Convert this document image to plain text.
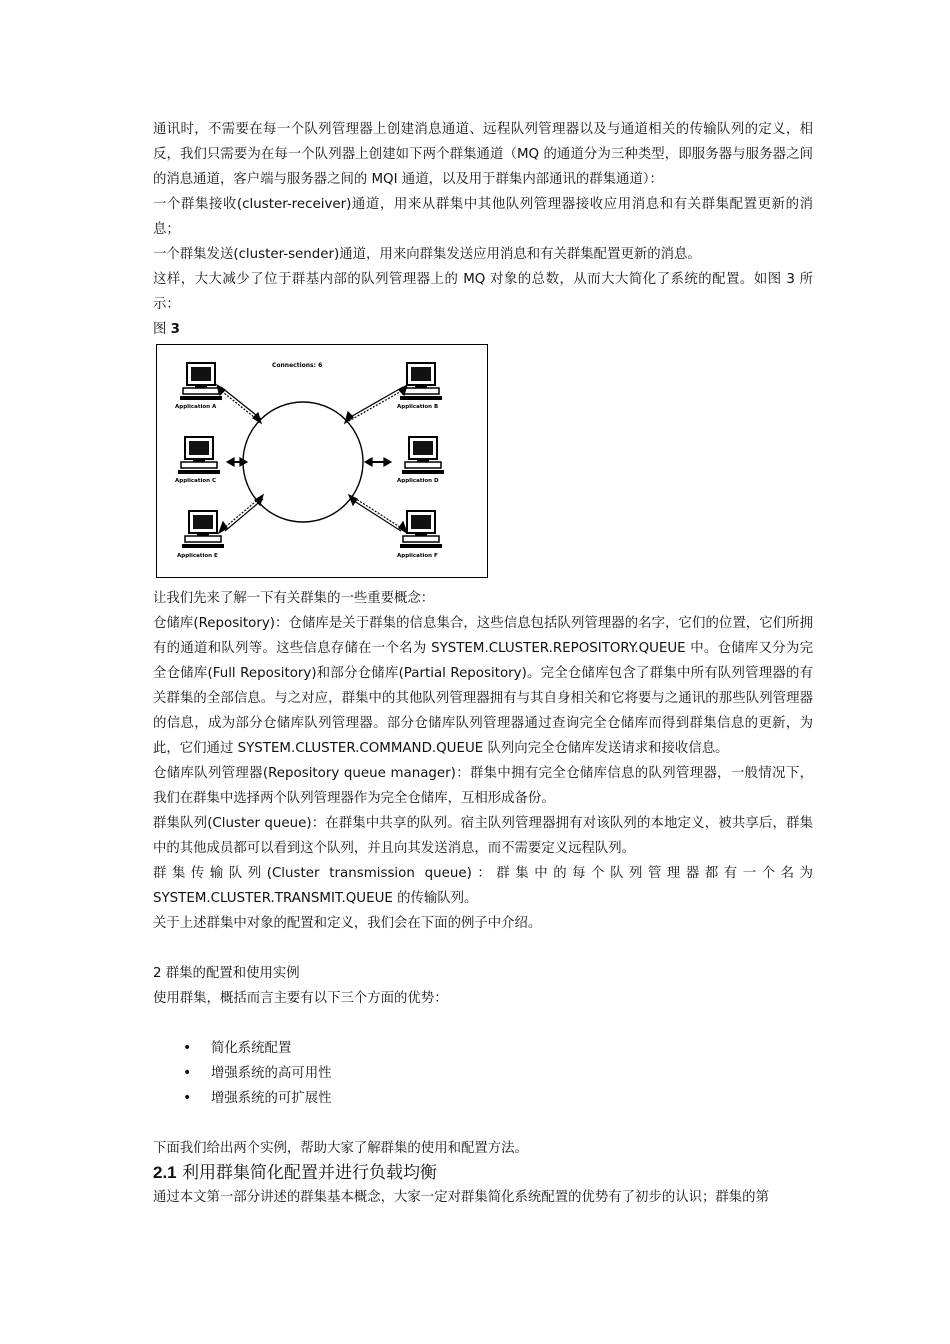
通讯时，不需要在每一个队列管理器上创建消息通道、远程队列管理器以及与通道相关的传输队列的定义，相反，我们只需要为在每一个队列器上创建如下两个群集通道（MQ 的通道分为三种类型，即服务器与服务器之间的消息通道，客户端与服务器之间的 MQI 通道，以及用于群集内部通讯的群集通道）：

一个群集接收(cluster-receiver)通道，用来从群集中其他队列管理器接收应用消息和有关群集配置更新的消息；

一个群集发送(cluster-sender)通道，用来向群集发送应用消息和有关群集配置更新的消息。

这样，大大减少了位于群基内部的队列管理器上的 MQ 对象的总数，从而大大简化了系统的配置。如图 3 所示：

图 3

Connections: 6
Application A	Application B
Application C	Application D
Application E	Application F

让我们先来了解一下有关群集的一些重要概念：

仓储库(Repository)：仓储库是关于群集的信息集合，这些信息包括队列管理器的名字，它们的位置，它们所拥有的通道和队列等。这些信息存储在一个名为 SYSTEM.CLUSTER.REPOSITORY.QUEUE 中。仓储库又分为完全仓储库(Full Repository)和部分仓储库(Partial Repository)。完全仓储库包含了群集中所有队列管理器的有关群集的全部信息。与之对应，群集中的其他队列管理器拥有与其自身相关和它将要与之通讯的那些队列管理器的信息，成为部分仓储库队列管理器。部分仓储库队列管理器通过查询完全仓储库而得到群集信息的更新，为此，它们通过 SYSTEM.CLUSTER.COMMAND.QUEUE 队列向完全仓储库发送请求和接收信息。

仓储库队列管理器(Repository queue manager)：群集中拥有完全仓储库信息的队列管理器，一般情况下，我们在群集中选择两个队列管理器作为完全仓储库，互相形成备份。

群集队列(Cluster queue)：在群集中共享的队列。宿主队列管理器拥有对该队列的本地定义，被共享后，群集中的其他成员都可以看到这个队列，并且向其发送消息，而不需要定义远程队列。

群集传输队列(Cluster transmission queue)：群集中的每个队列管理器都有一个名为 SYSTEM.CLUSTER.TRANSMIT.QUEUE 的传输队列。

关于上述群集中对象的配置和定义，我们会在下面的例子中介绍。

2 群集的配置和使用实例

使用群集，概括而言主要有以下三个方面的优势：

• 简化系统配置
• 增强系统的高可用性
• 增强系统的可扩展性

下面我们给出两个实例，帮助大家了解群集的使用和配置方法。

2.1 利用群集简化配置并进行负载均衡

通过本文第一部分讲述的群集基本概念，大家一定对群集简化系统配置的优势有了初步的认识；群集的第
